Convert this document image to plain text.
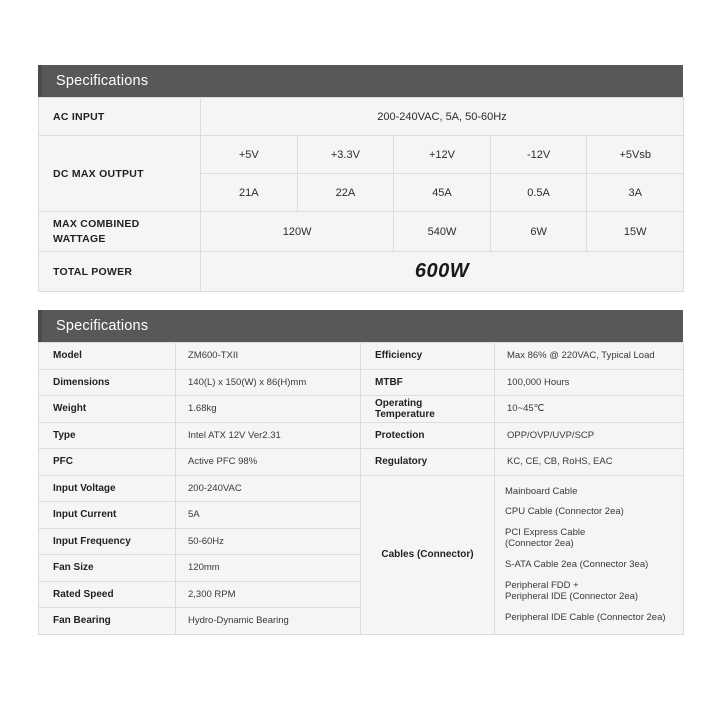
Specifications
AC INPUT	200-240VAC, 5A, 50-60Hz				
DC MAX OUTPUT	+5V	+3.3V	+12V	-12V	+5Vsb
	21A	22A	45A	0.5A	3A
MAX COMBINED
WATTAGE	120W		540W	6W	15W
TOTAL POWER	600W				
Specifications
Model	ZM600-TXII	Efficiency	Max 86% @ 220VAC, Typical Load
Dimensions	140(L) x 150(W) x 86(H)mm	MTBF	100,000 Hours
Weight	1.68kg	Operating Temperature	10~45℃
Type	Intel ATX 12V Ver2.31	Protection	OPP/OVP/UVP/SCP
PFC	Active PFC 98%	Regulatory	KC, CE, CB, RoHS, EAC
Input Voltage	200-240VAC	Cables (Connector)	
Mainboard Cable
CPU Cable (Connector 2ea)
PCI Express Cable
(Connector 2ea)
S-ATA Cable 2ea (Connector 3ea)
Peripheral FDD +
Peripheral IDE (Connector 2ea)
Peripheral IDE Cable (Connector 2ea)

Input Current	5A		
Input Frequency	50-60Hz		
Fan Size	120mm		
Rated Speed	2,300 RPM		
Fan Bearing	Hydro-Dynamic Bearing		
